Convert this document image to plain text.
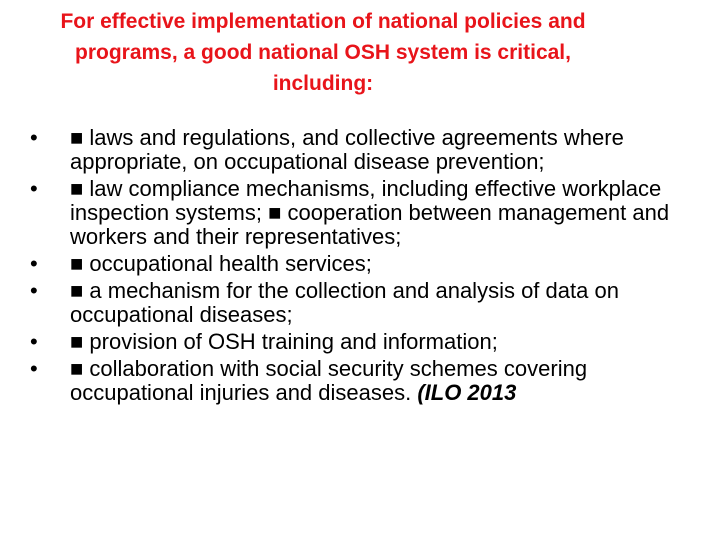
For effective implementation of national policies and
programs, a good national OSH system is critical,
including:
•	■ laws and regulations, and collective agreements where appropriate, on occupational disease prevention;
•	■ law compliance mechanisms, including effective workplace inspection systems; ■ cooperation between management and workers and their representatives;
•	■ occupational health services;
•	■ a mechanism for the collection and analysis of data on occupational diseases;
•	■ provision of OSH training and information;
•	■ collaboration with social security schemes covering occupational injuries and diseases. (ILO 2013
